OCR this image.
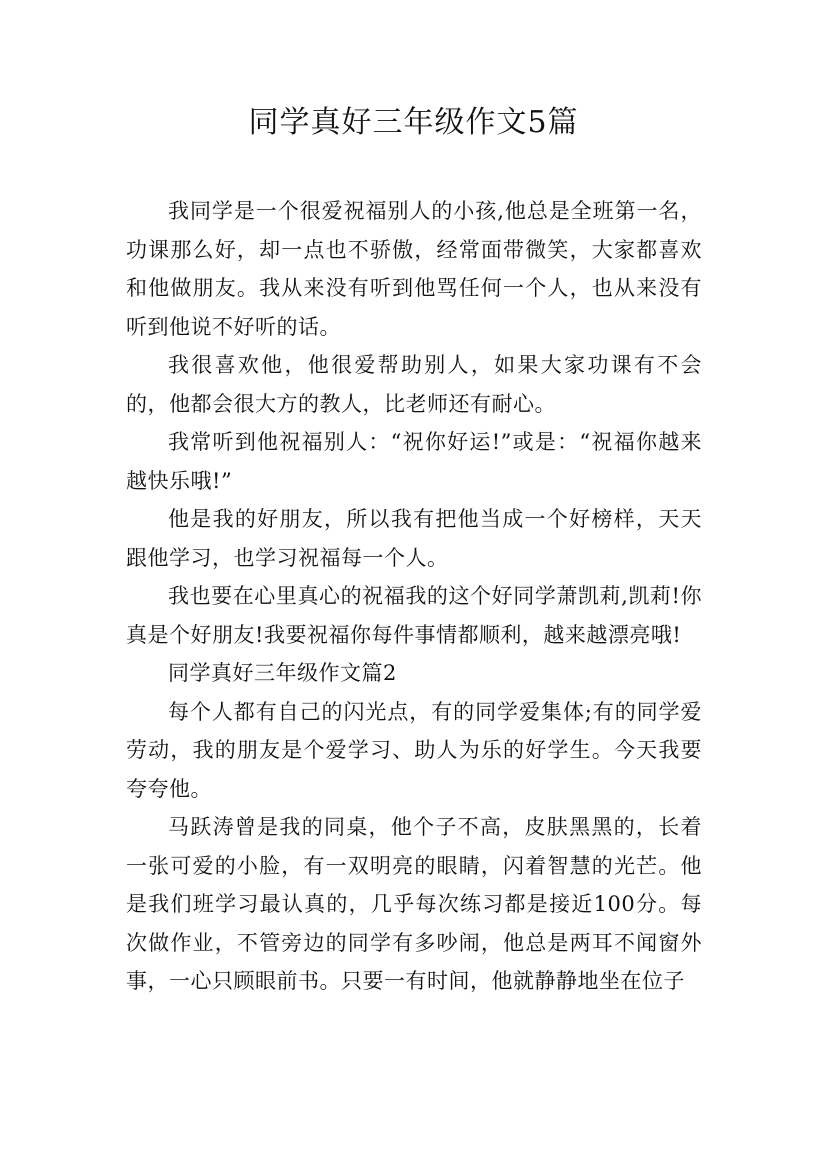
同学真好三年级作文5篇

我同学是一个很爱祝福别人的小孩,他总是全班第一名，功课那么好，却一点也不骄傲，经常面带微笑，大家都喜欢和他做朋友。我从来没有听到他骂任何一个人，也从来没有听到他说不好听的话。

我很喜欢他，他很爱帮助别人，如果大家功课有不会的，他都会很大方的教人，比老师还有耐心。

我常听到他祝福别人：“祝你好运!”或是：“祝福你越来越快乐哦!”

他是我的好朋友，所以我有把他当成一个好榜样，天天跟他学习，也学习祝福每一个人。

我也要在心里真心的祝福我的这个好同学萧凯莉,凯莉!你真是个好朋友!我要祝福你每件事情都顺利，越来越漂亮哦!

同学真好三年级作文篇2

每个人都有自己的闪光点，有的同学爱集体;有的同学爱劳动，我的朋友是个爱学习、助人为乐的好学生。今天我要夸夸他。

马跃涛曾是我的同桌，他个子不高，皮肤黑黑的，长着一张可爱的小脸，有一双明亮的眼睛，闪着智慧的光芒。他是我们班学习最认真的，几乎每次练习都是接近100分。每次做作业，不管旁边的同学有多吵闹，他总是两耳不闻窗外事，一心只顾眼前书。只要一有时间，他就静静地坐在位子
